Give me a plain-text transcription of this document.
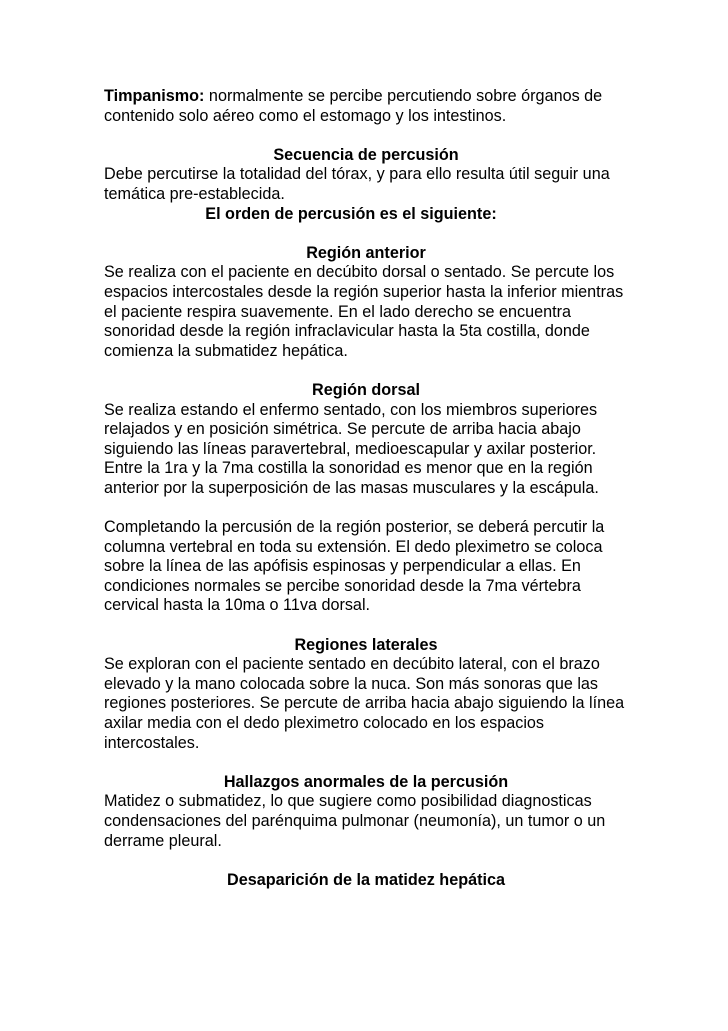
Timpanismo: normalmente se percibe percutiendo sobre órganos de contenido solo aéreo como el estomago y los intestinos.

Secuencia de percusión

Debe percutirse la totalidad del tórax, y para ello resulta útil seguir una temática pre-establecida.

El orden de percusión es el siguiente:

Región anterior

Se realiza con el paciente en decúbito dorsal o sentado. Se percute los espacios intercostales desde la región superior hasta la inferior mientras el paciente respira suavemente. En el lado derecho se encuentra sonoridad desde la región infraclavicular hasta la 5ta costilla, donde comienza la submatidez hepática.

Región dorsal

Se realiza estando el enfermo sentado, con los miembros superiores relajados y en posición simétrica. Se percute de arriba hacia abajo siguiendo las líneas paravertebral, medioescapular y axilar posterior. Entre la 1ra y la 7ma costilla la sonoridad es menor que en la región anterior por la superposición de las masas musculares y la escápula.

Completando la percusión de la región posterior, se deberá percutir la columna vertebral en toda su extensión. El dedo pleximetro se coloca sobre la línea de las apófisis espinosas y perpendicular a ellas. En condiciones normales se percibe sonoridad desde la 7ma vértebra cervical hasta la 10ma o 11va dorsal.

Regiones laterales

Se exploran con el paciente sentado en decúbito lateral, con el brazo elevado y la mano colocada sobre la nuca. Son más sonoras que las regiones posteriores. Se percute de arriba hacia abajo siguiendo la línea axilar media con el dedo pleximetro colocado en los espacios intercostales.

Hallazgos anormales de la percusión

Matidez o submatidez, lo que sugiere como posibilidad diagnosticas condensaciones del parénquima pulmonar (neumonía), un tumor o un derrame pleural.

Desaparición de la matidez hepática
